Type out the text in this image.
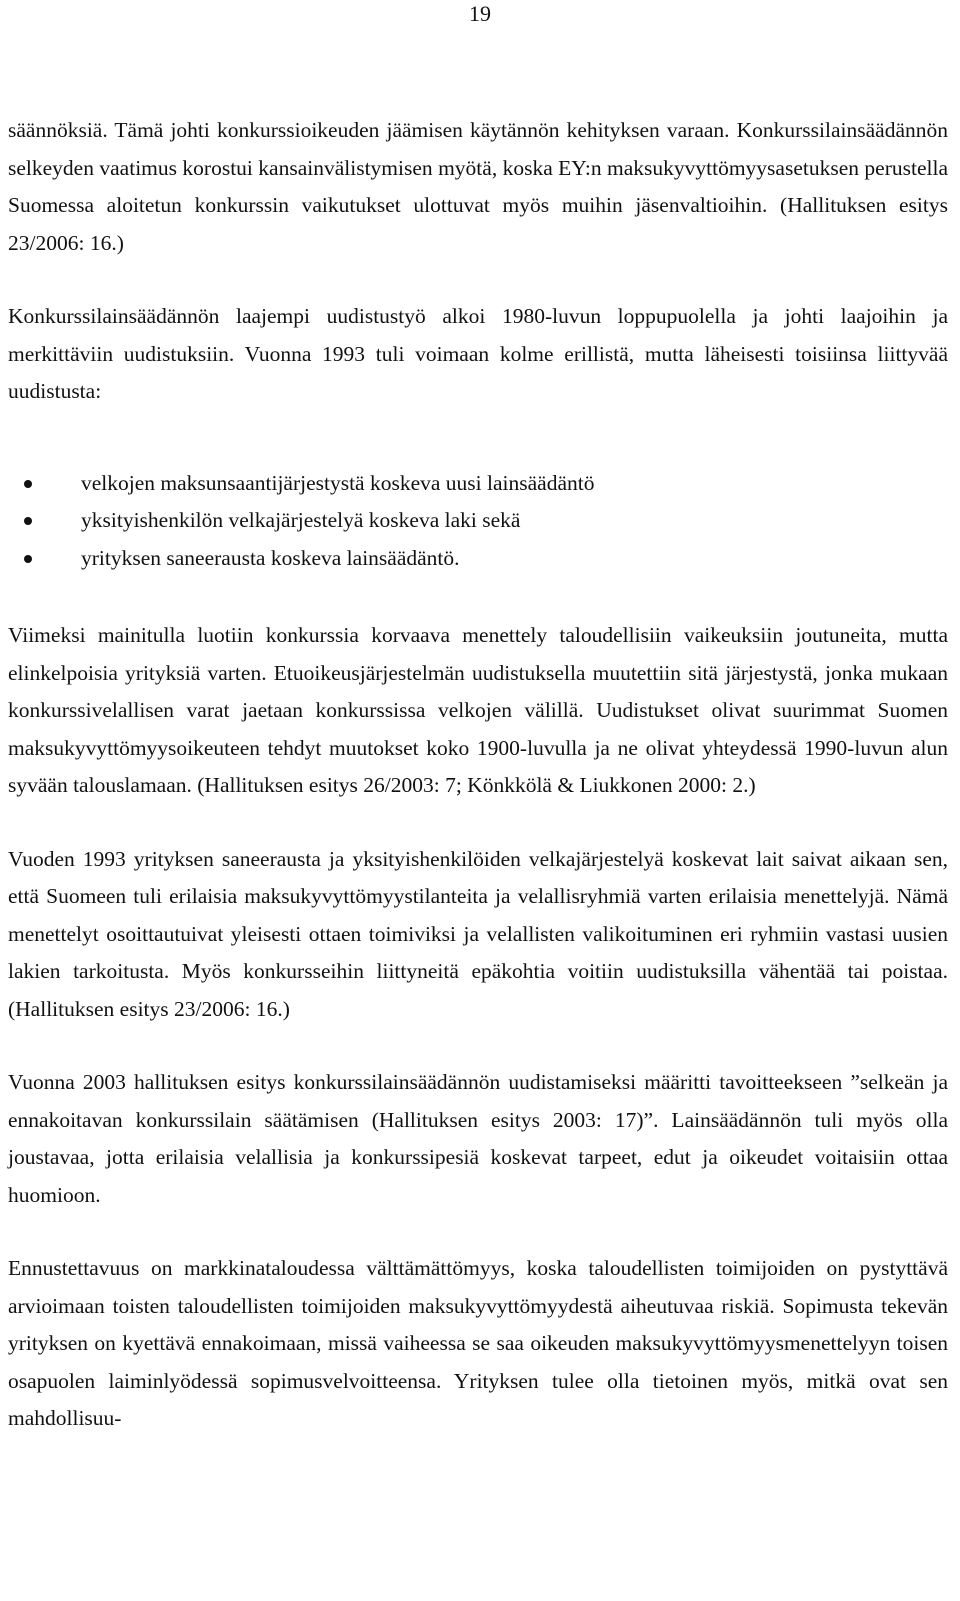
19

säännöksiä. Tämä johti konkurssioikeuden jäämisen käytännön kehityksen varaan. Konkurssilainsäädännön selkeyden vaatimus korostui kansainvälistymisen myötä, koska EY:n maksukyvyttömyysasetuksen perustella Suomessa aloitetun konkurssin vaikutukset ulottuvat myös muihin jäsenvaltioihin. (Hallituksen esitys 23/2006: 16.)

Konkurssilainsäädännön laajempi uudistustyö alkoi 1980-luvun loppupuolella ja johti laajoihin ja merkittäviin uudistuksiin. Vuonna 1993 tuli voimaan kolme erillistä, mutta läheisesti toisiinsa liittyvää uudistusta:

velkojen maksunsaantijärjestystä koskeva uusi lainsäädäntö
yksityishenkilön velkajärjestelyä koskeva laki sekä
yrityksen saneerausta koskeva lainsäädäntö.

Viimeksi mainitulla luotiin konkurssia korvaava menettely taloudellisiin vaikeuksiin joutuneita, mutta elinkelpoisia yrityksiä varten. Etuoikeusjärjestelmän uudistuksella muutettiin sitä järjestystä, jonka mukaan konkurssivelallisen varat jaetaan konkurssissa velkojen välillä. Uudistukset olivat suurimmat Suomen maksukyvyttömyysoikeuteen tehdyt muutokset koko 1900-luvulla ja ne olivat yhteydessä 1990-luvun alun syvään talouslamaan. (Hallituksen esitys 26/2003: 7; Könkkölä & Liukkonen 2000: 2.)

Vuoden 1993 yrityksen saneerausta ja yksityishenkilöiden velkajärjestelyä koskevat lait saivat aikaan sen, että Suomeen tuli erilaisia maksukyvyttömyystilanteita ja velallisryhmiä varten erilaisia menettelyjä. Nämä menettelyt osoittautuivat yleisesti ottaen toimiviksi ja velallisten valikoituminen eri ryhmiin vastasi uusien lakien tarkoitusta. Myös konkursseihin liittyneitä epäkohtia voitiin uudistuksilla vähentää tai poistaa. (Hallituksen esitys 23/2006: 16.)

Vuonna 2003 hallituksen esitys konkurssilainsäädännön uudistamiseksi määritti tavoitteekseen ”selkeän ja ennakoitavan konkurssilain säätämisen (Hallituksen esitys 2003: 17)”. Lainsäädännön tuli myös olla joustavaa, jotta erilaisia velallisia ja konkurssipesiä koskevat tarpeet, edut ja oikeudet voitaisiin ottaa huomioon.

Ennustettavuus on markkinataloudessa välttämättömyys, koska taloudellisten toimijoiden on pystyttävä arvioimaan toisten taloudellisten toimijoiden maksukyvyttömyydestä aiheutuvaa riskiä. Sopimusta tekevän yrityksen on kyettävä ennakoimaan, missä vaiheessa se saa oikeuden maksukyvyttömyysmenettelyyn toisen osapuolen laiminlyödessä sopimusvelvoitteensa. Yrityksen tulee olla tietoinen myös, mitkä ovat sen mahdollisuu-
